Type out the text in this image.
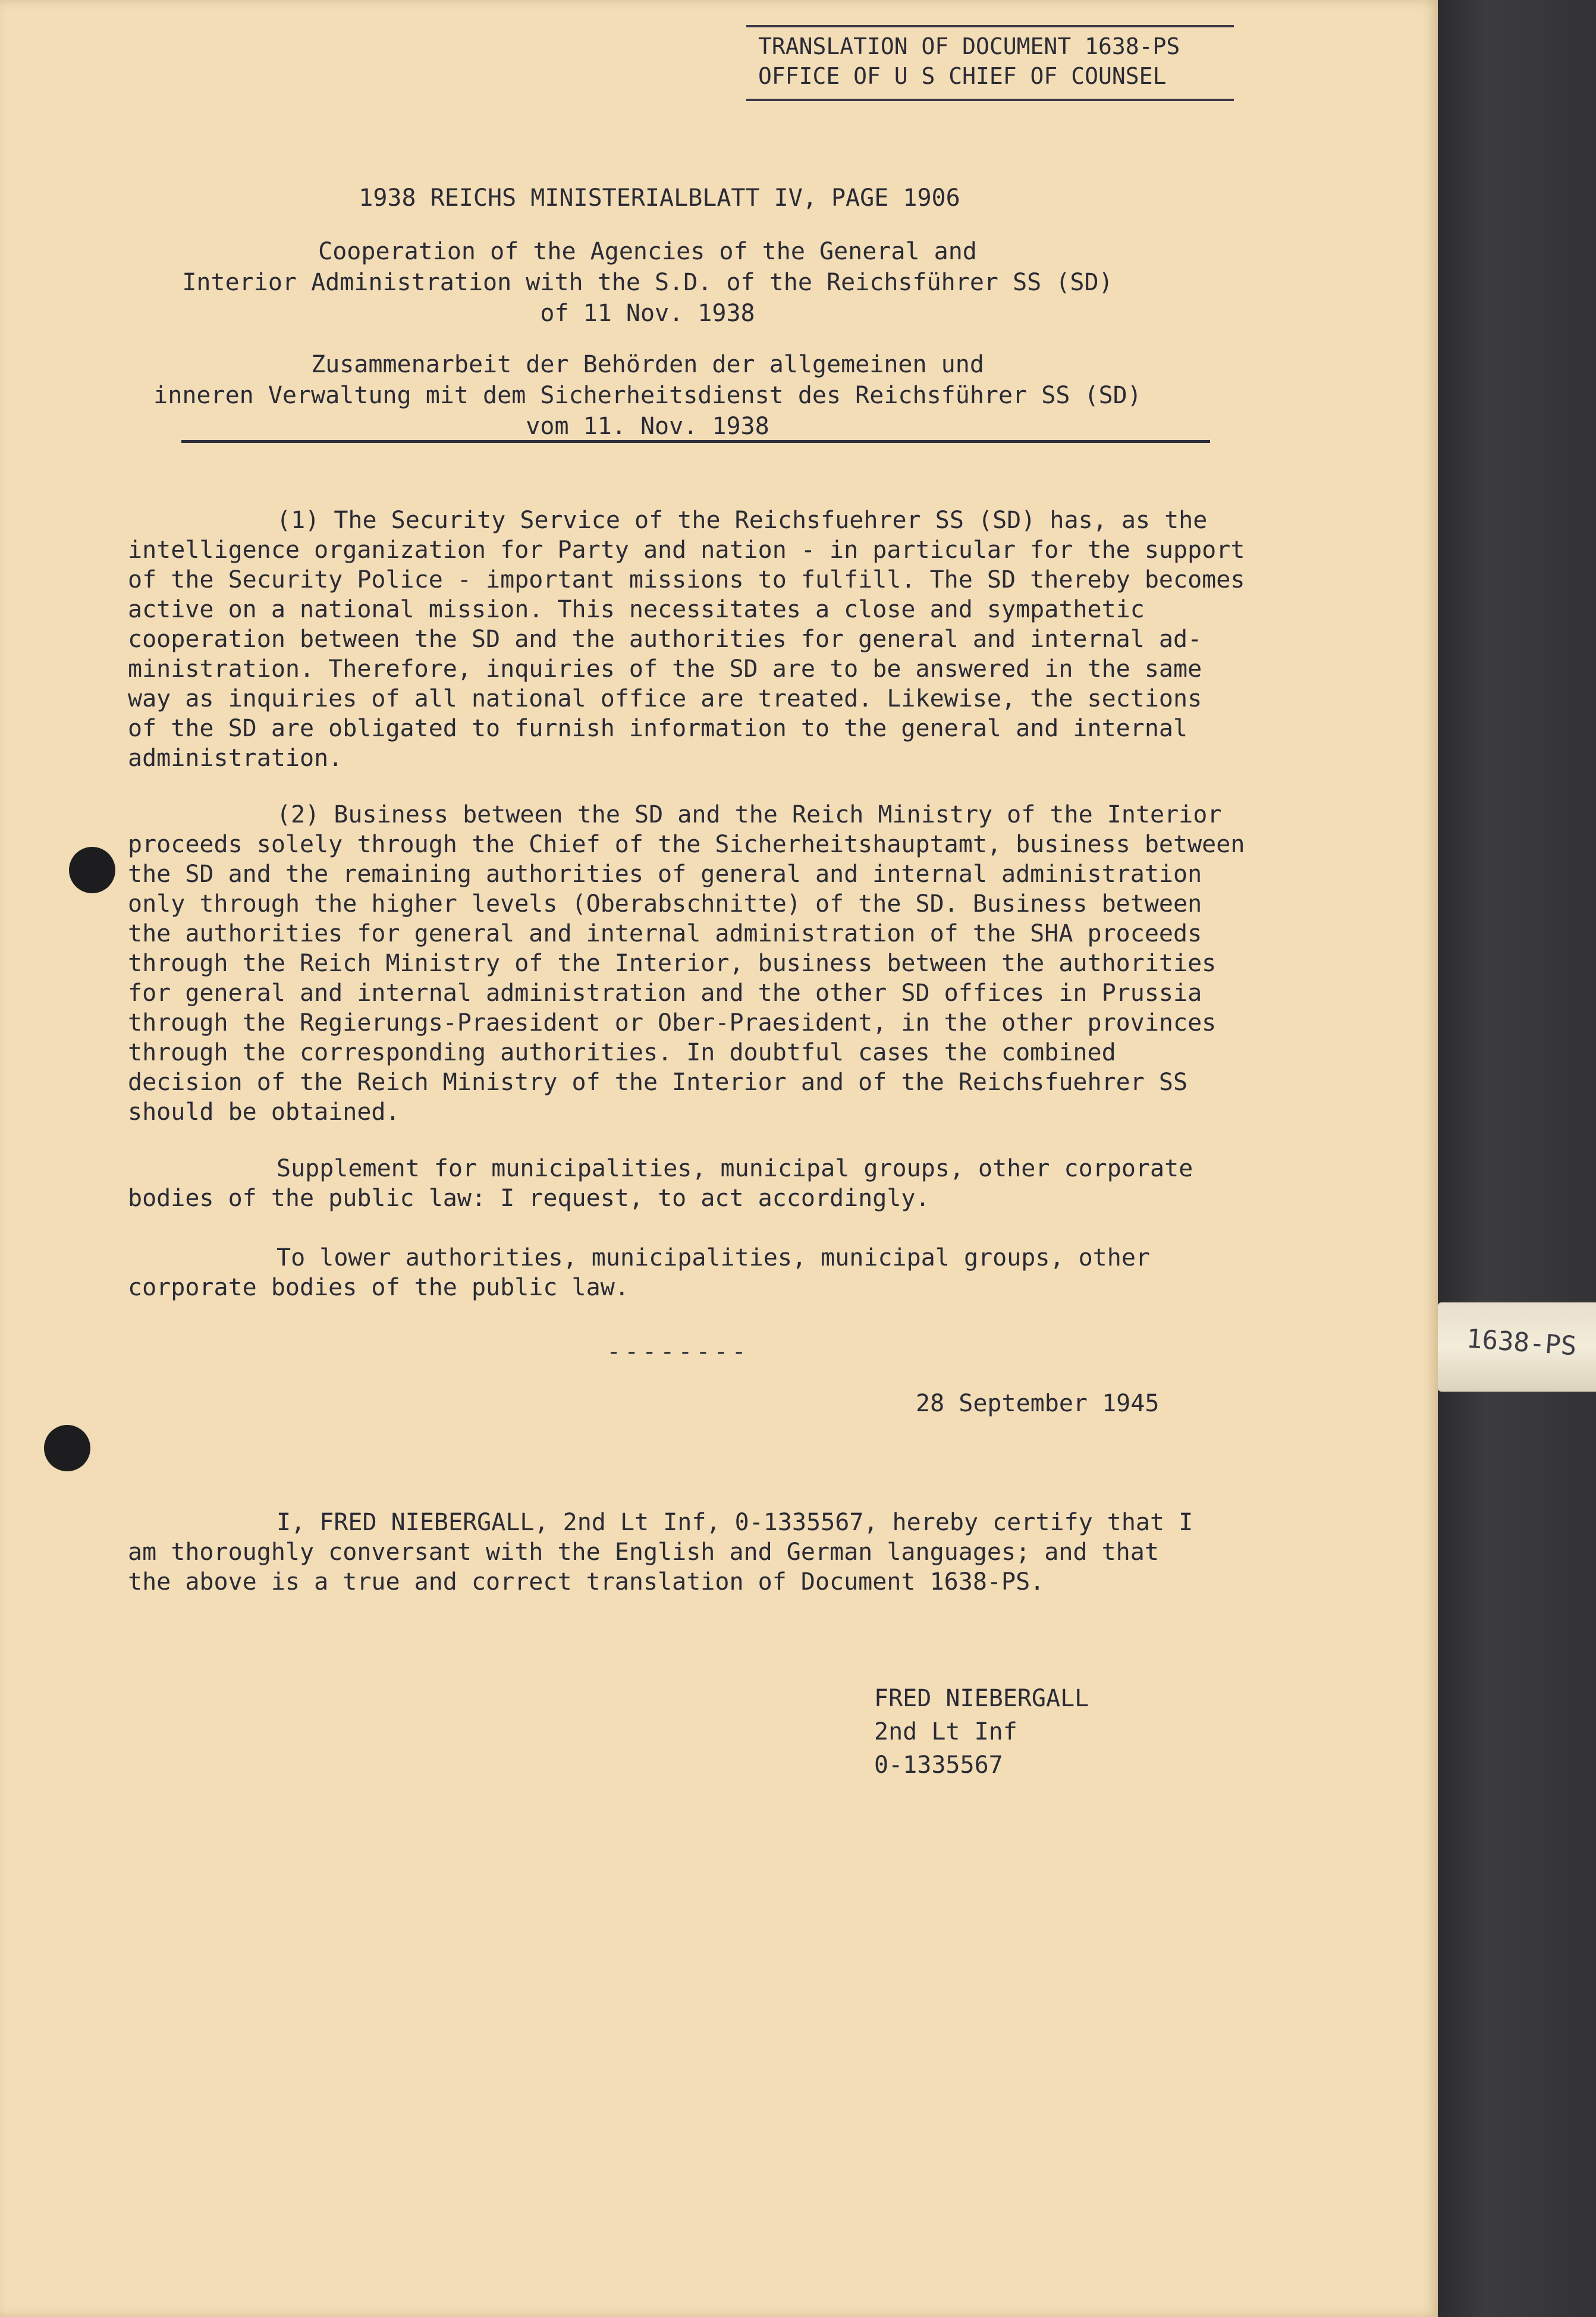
TRANSLATION OF DOCUMENT 1638-PS
OFFICE OF U S CHIEF OF COUNSEL
1938 REICHS MINISTERIALBLATT IV, PAGE 1906
Cooperation of the Agencies of the General and
Interior Administration with the S.D. of the Reichsführer SS (SD)
of 11 Nov. 1938
Zusammenarbeit der Behörden der allgemeinen und
inneren Verwaltung mit dem Sicherheitsdienst des Reichsführer SS (SD)
vom 11. Nov. 1938
(1) The Security Service of the Reichsfuehrer SS (SD) has, as the
intelligence organization for Party and nation - in particular for the support
of the Security Police - important missions to fulfill. The SD thereby becomes
active on a national mission. This necessitates a close and sympathetic
cooperation between the SD and the authorities for general and internal ad-
ministration. Therefore, inquiries of the SD are to be answered in the same
way as inquiries of all national office are treated. Likewise, the sections
of the SD are obligated to furnish information to the general and internal
administration.
(2) Business between the SD and the Reich Ministry of the Interior
proceeds solely through the Chief of the Sicherheitshauptamt, business between
the SD and the remaining authorities of general and internal administration
only through the higher levels (Oberabschnitte) of the SD. Business between
the authorities for general and internal administration of the SHA proceeds
through the Reich Ministry of the Interior, business between the authorities
for general and internal administration and the other SD offices in Prussia
through the Regierungs-Praesident or Ober-Praesident, in the other provinces
through the corresponding authorities. In doubtful cases the combined
decision of the Reich Ministry of the Interior and of the Reichsfuehrer SS
should be obtained.
Supplement for municipalities, municipal groups, other corporate
bodies of the public law: I request, to act accordingly.
To lower authorities, municipalities, municipal groups, other
corporate bodies of the public law.
--------
28 September 1945
I, FRED NIEBERGALL, 2nd Lt Inf, 0-1335567, hereby certify that I
am thoroughly conversant with the English and German languages; and that
the above is a true and correct translation of Document 1638-PS.
FRED NIEBERGALL
2nd Lt Inf
0-1335567
1638-PS
